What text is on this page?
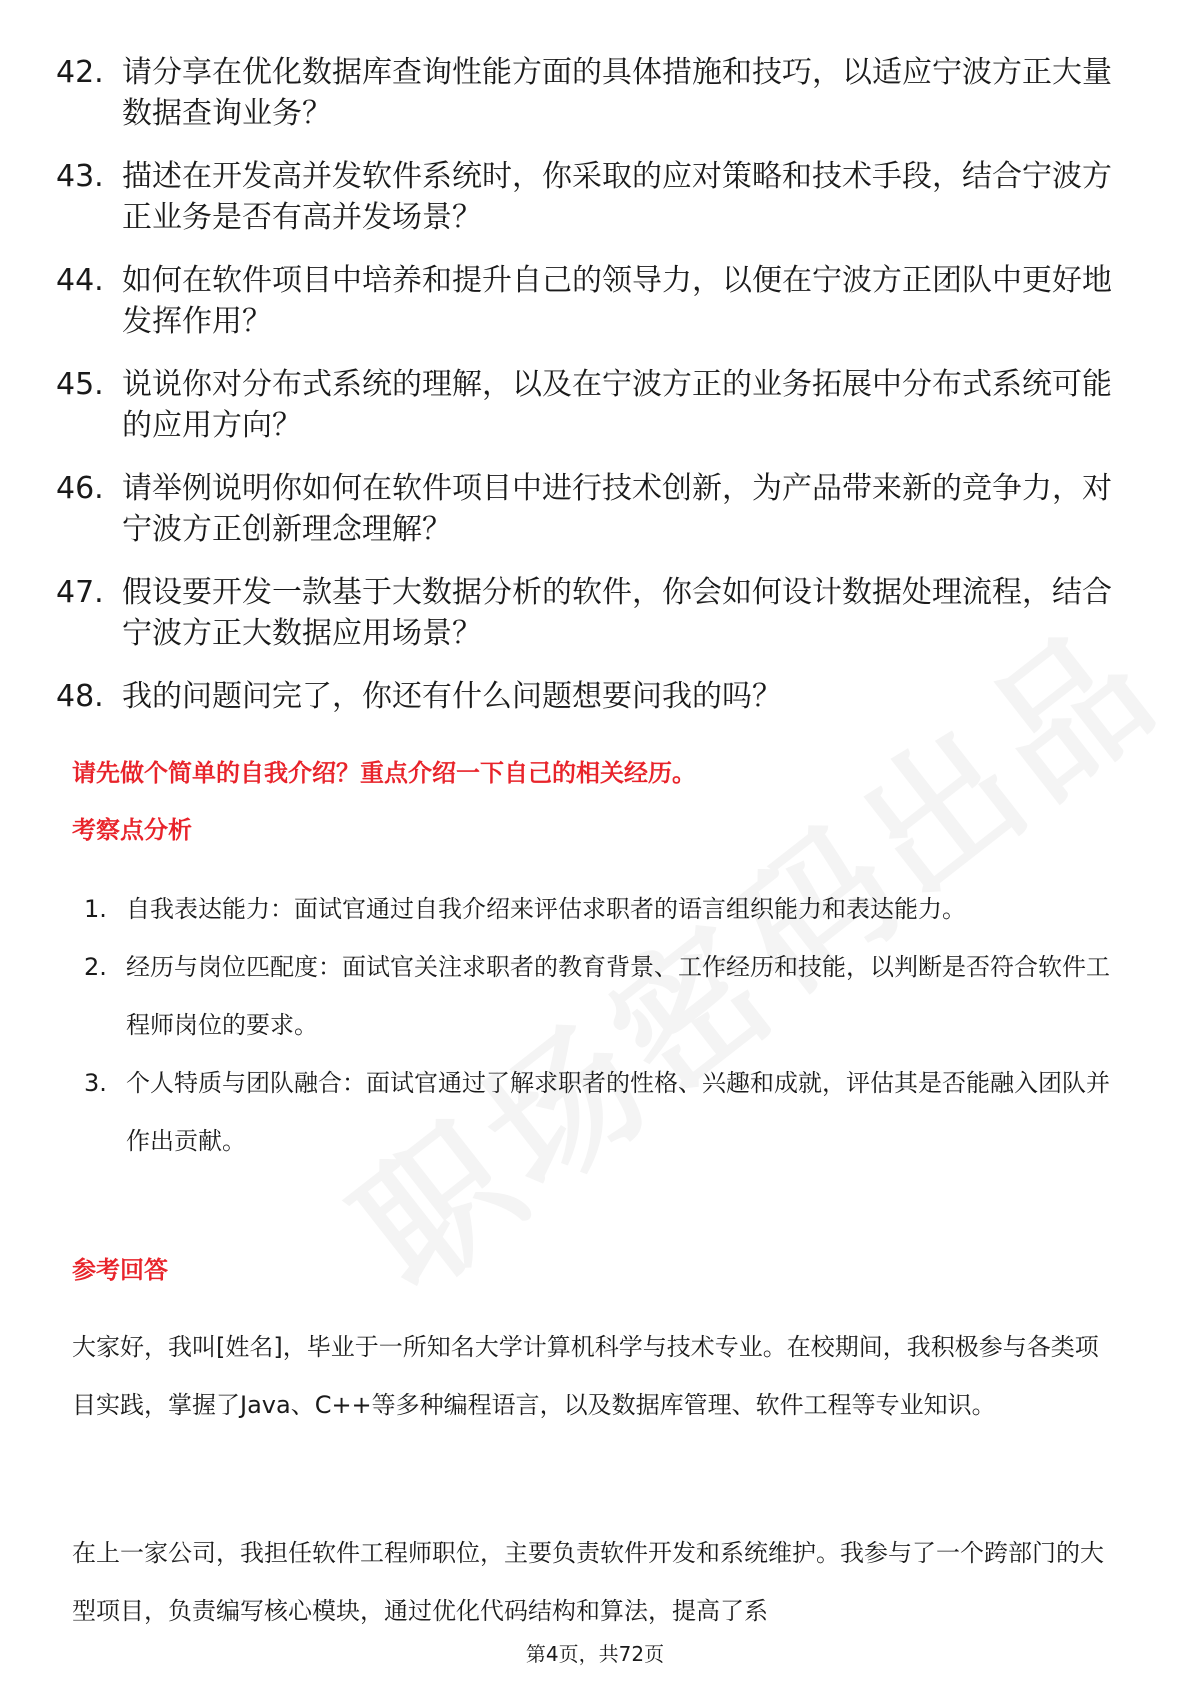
42. 请分享在优化数据库查询性能方面的具体措施和技巧，以适应宁波方正大量数据查询业务？
43. 描述在开发高并发软件系统时，你采取的应对策略和技术手段，结合宁波方正业务是否有高并发场景？
44. 如何在软件项目中培养和提升自己的领导力，以便在宁波方正团队中更好地发挥作用？
45. 说说你对分布式系统的理解，以及在宁波方正的业务拓展中分布式系统可能的应用方向？
46. 请举例说明你如何在软件项目中进行技术创新，为产品带来新的竞争力，对宁波方正创新理念理解？
47. 假设要开发一款基于大数据分析的软件，你会如何设计数据处理流程，结合宁波方正大数据应用场景？
48. 我的问题问完了，你还有什么问题想要问我的吗？
请先做个简单的自我介绍？重点介绍一下自己的相关经历。
考察点分析
1. 自我表达能力：面试官通过自我介绍来评估求职者的语言组织能力和表达能力。
2. 经历与岗位匹配度：面试官关注求职者的教育背景、工作经历和技能，以判断是否符合软件工程师岗位的要求。
3. 个人特质与团队融合：面试官通过了解求职者的性格、兴趣和成就，评估其是否能融入团队并作出贡献。
参考回答
大家好，我叫[姓名]，毕业于一所知名大学计算机科学与技术专业。在校期间，我积极参与各类项目实践，掌握了Java、C++等多种编程语言，以及数据库管理、软件工程等专业知识。
在上一家公司，我担任软件工程师职位，主要负责软件开发和系统维护。我参与了一个跨部门的大型项目，负责编写核心模块，通过优化代码结构和算法，提高了系
第4页，共72页
